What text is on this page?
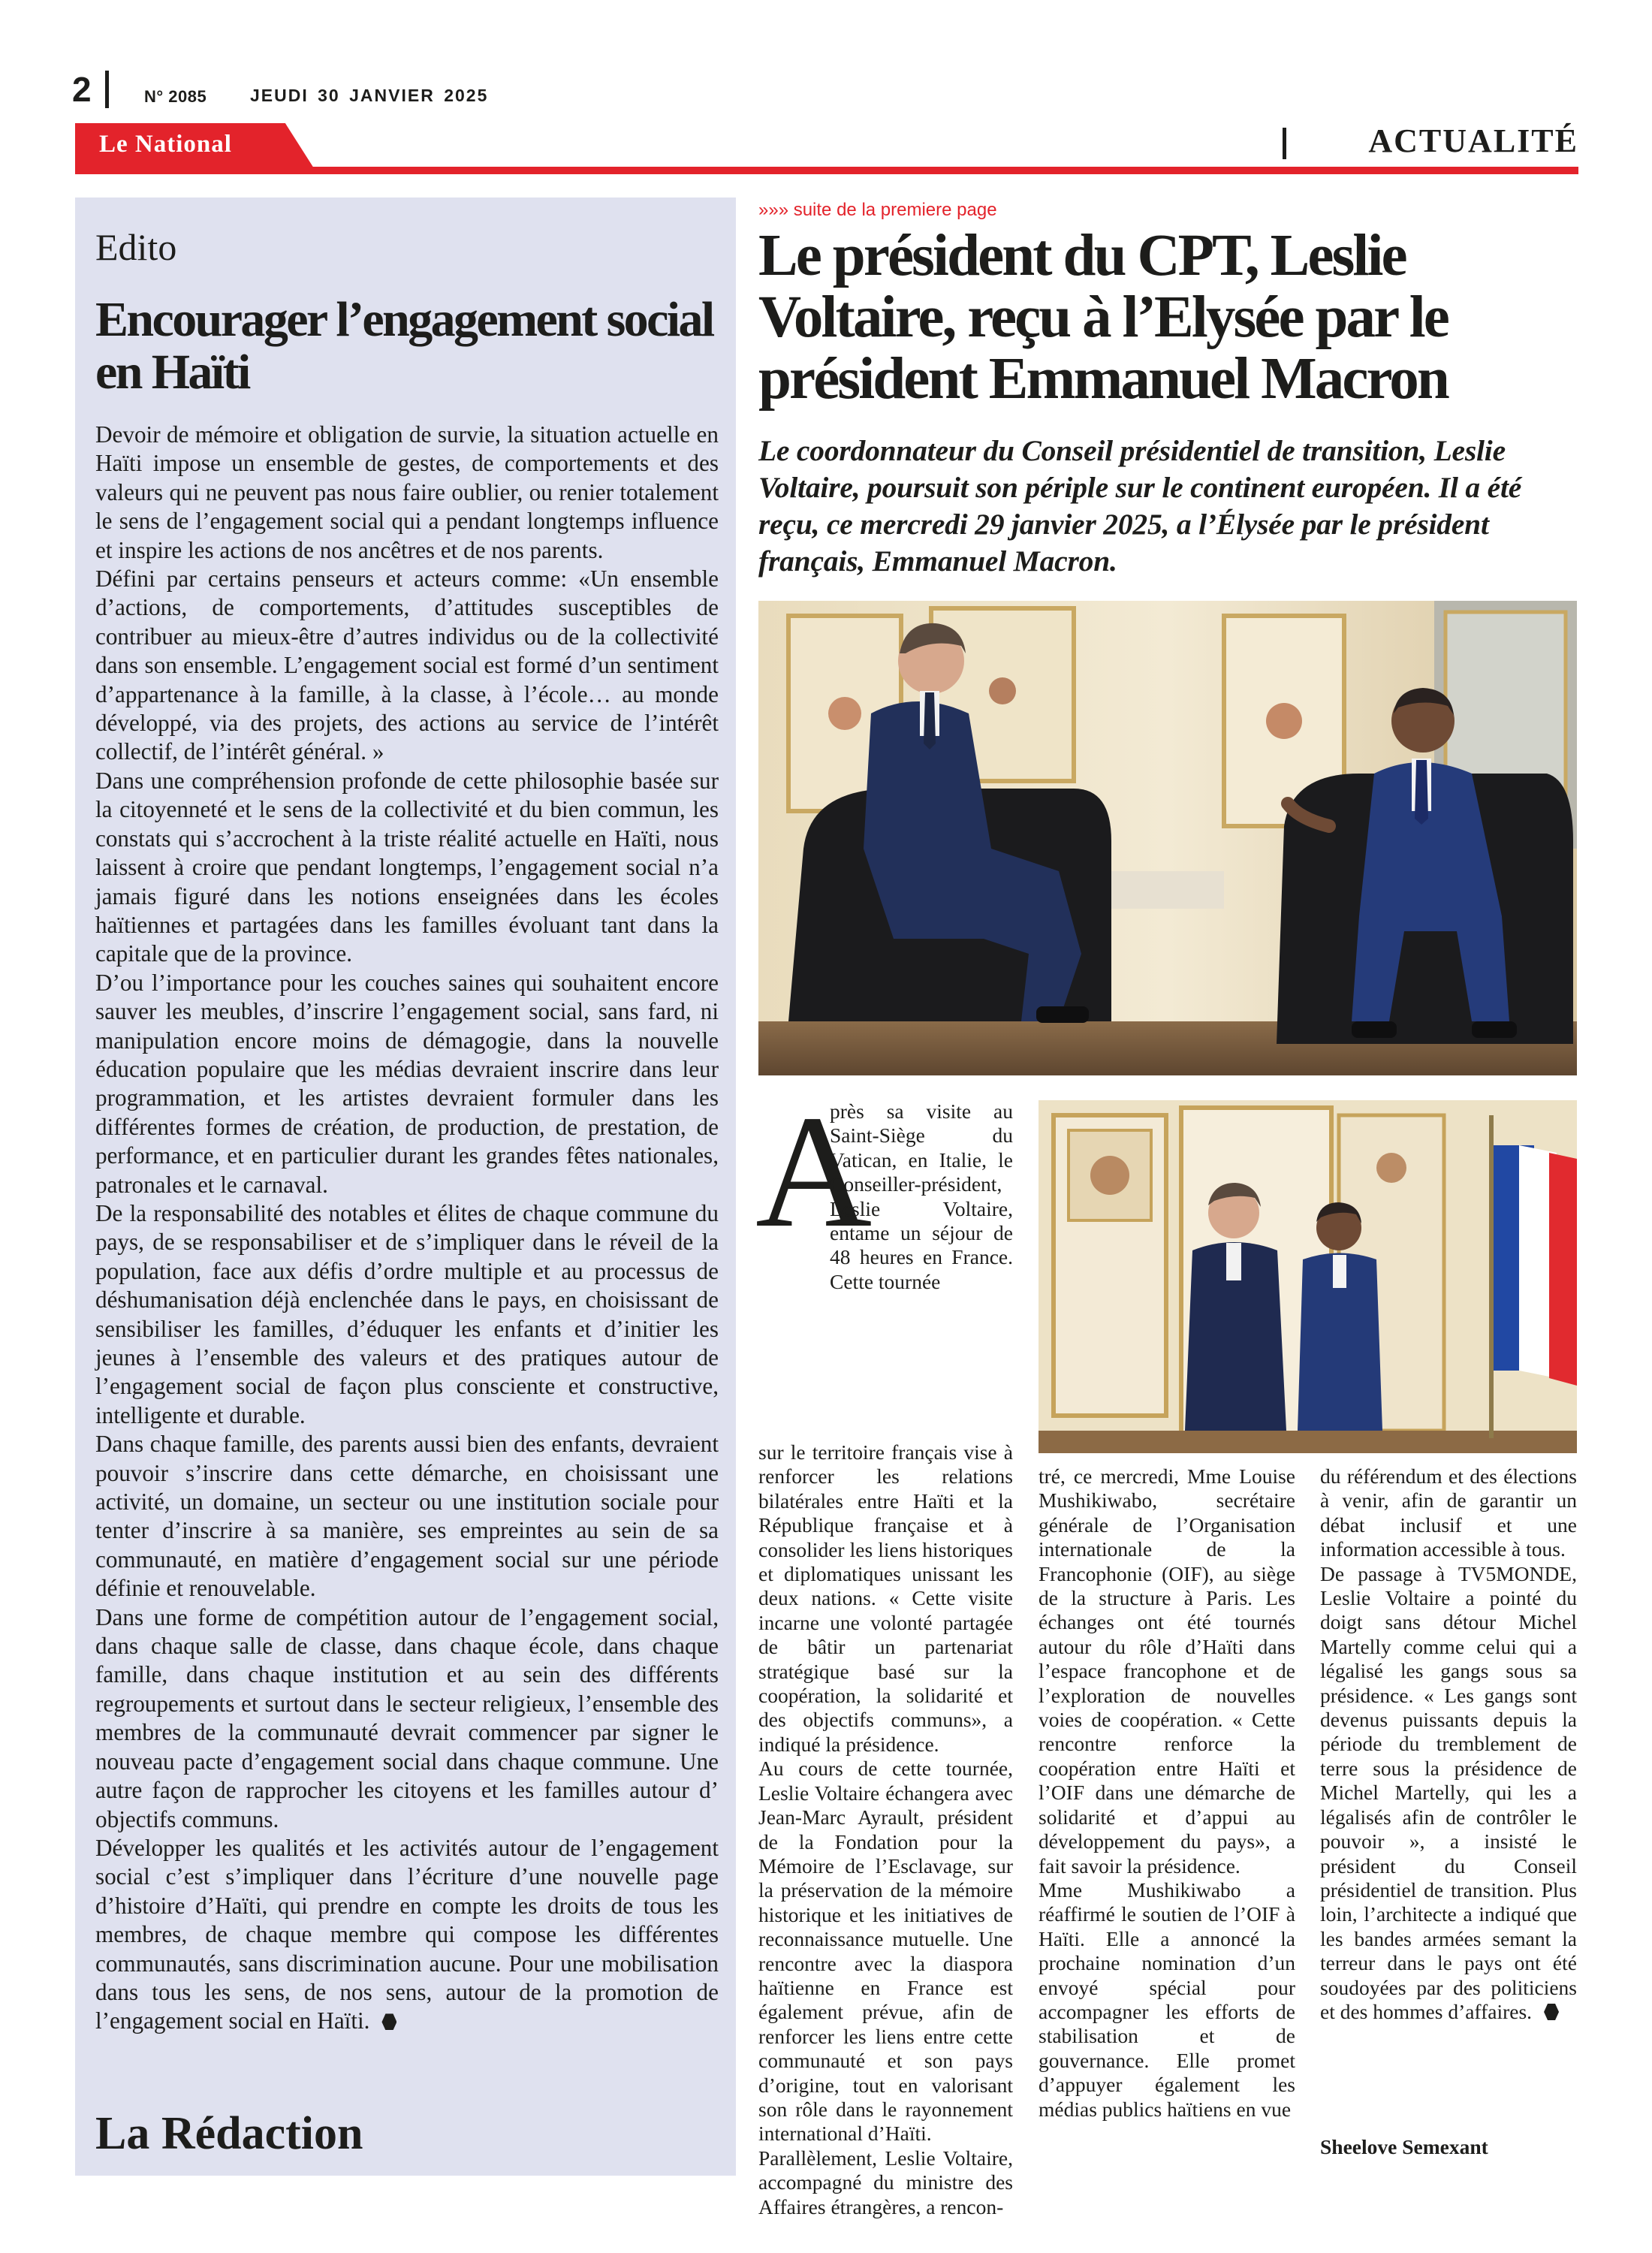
2	N° 2085	JEUDI 30 JANVIER 2025
Le National	ACTUALITÉ
Edito
Encourager l’engagement social en Haïti

Devoir de mémoire et obligation de survie, la situation actuelle en Haïti impose un ensemble de gestes, de comportements et des valeurs qui ne peuvent pas nous faire oublier, ou renier totalement le sens de l’engagement social qui a pendant longtemps influence et inspire les actions de nos ancêtres et de nos parents.

Défini par certains penseurs et acteurs comme: «Un ensemble d’actions, de comportements, d’attitudes susceptibles de contribuer au mieux-être d’autres individus ou de la collectivité dans son ensemble. L’engagement social est formé d’un sentiment d’appartenance à la famille, à la classe, à l’école… au monde développé, via des projets, des actions au service de l’intérêt collectif, de l’intérêt général. »

Dans une compréhension profonde de cette philosophie basée sur la citoyenneté et le sens de la collectivité et du bien commun, les constats qui s’accrochent à la triste réalité actuelle en Haïti, nous laissent à croire que pendant longtemps, l’engagement social n’a jamais figuré dans les notions enseignées dans les écoles haïtiennes et partagées dans les familles évoluant tant dans la capitale que de la province.

D’ou l’importance pour les couches saines qui souhaitent encore sauver les meubles, d’inscrire l’engagement social, sans fard, ni manipulation encore moins de démagogie, dans la nouvelle éducation populaire que les médias devraient inscrire dans leur programmation, et les artistes devraient formuler dans les différentes formes de création, de production, de prestation, de performance, et en particulier durant les grandes fêtes nationales, patronales et le carnaval.

De la responsabilité des notables et élites de chaque commune du pays, de se responsabiliser et de s’impliquer dans le réveil de la population, face aux défis d’ordre multiple et au processus de déshumanisation déjà enclenchée dans le pays, en choisissant de sensibiliser les familles, d’éduquer les enfants et d’initier les jeunes à l’ensemble des valeurs et des pratiques autour de l’engagement social de façon plus consciente et constructive, intelligente et durable.

Dans chaque famille, des parents aussi bien des enfants, devraient pouvoir s’inscrire dans cette démarche, en choisissant une activité, un domaine, un secteur ou une institution sociale pour tenter d’inscrire à sa manière, ses empreintes au sein de sa communauté, en matière d’engagement social sur une période définie et renouvelable.

Dans une forme de compétition autour de l’engagement social, dans chaque salle de classe, dans chaque école, dans chaque famille, dans chaque institution et au sein des différents regroupements et surtout dans le secteur religieux, l’ensemble des membres de la communauté devrait commencer par signer le nouveau pacte d’engagement social dans chaque commune. Une autre façon de rapprocher les citoyens et les familles autour d’ objectifs communs.

Développer les qualités et les activités autour de l’engagement social c’est s’impliquer dans l’écriture d’une nouvelle page d’histoire d’Haïti, qui prendre en compte les droits de tous les membres, de chaque membre qui compose les différentes communautés, sans discrimination aucune. Pour une mobilisation dans tous les sens, de nos sens, autour de la promotion de l’engagement social en Haïti.

La Rédaction
»»» suite de la premiere page
Le président du CPT, Leslie Voltaire, reçu à l’Elysée par le président Emmanuel Macron
Le coordonnateur du Conseil présidentiel de transition, Leslie Voltaire, poursuit son périple sur le continent européen. Il a été reçu, ce mercredi 29 janvier 2025, a l’Élysée par le président français, Emmanuel Macron.
A
près sa visite au Saint-Siège du Vatican, en Italie, le Conseiller-président, Leslie Voltaire, entame un séjour de 48 heures en France. Cette tournée

sur le territoire français vise à renforcer les relations bilatérales entre Haïti et la République française et à consolider les liens historiques et diplomatiques unissant les deux nations. « Cette visite incarne une volonté partagée de bâtir un partenariat stratégique basé sur la coopération, la solidarité et des objectifs communs», a indiqué la présidence.

Au cours de cette tournée, Leslie Voltaire échangera avec Jean-Marc Ayrault, président de la Fondation pour la Mémoire de l’Esclavage, sur la préservation de la mémoire historique et les initiatives de reconnaissance mutuelle. Une rencontre avec la diaspora haïtienne en France est également prévue, afin de renforcer les liens entre cette communauté et son pays d’origine, tout en valorisant son rôle dans le rayonnement international d’Haïti.

Parallèlement, Leslie Voltaire, accompagné du ministre des Affaires étrangères, a rencon-

tré, ce mercredi, Mme Louise Mushikiwabo, secrétaire générale de l’Organisation internationale de la Francophonie (OIF), au siège de la structure à Paris. Les échanges ont été tournés autour du rôle d’Haïti dans l’espace francophone et de l’exploration de nouvelles voies de coopération. « Cette rencontre renforce la coopération entre Haïti et l’OIF dans une démarche de solidarité et d’appui au développement du pays», a fait savoir la présidence.

Mme Mushikiwabo a réaffirmé le soutien de l’OIF à Haïti. Elle a annoncé la prochaine nomination d’un envoyé spécial pour accompagner les efforts de stabilisation et de gouvernance. Elle promet d’appuyer également les médias publics haïtiens en vue

du référendum et des élections à venir, afin de garantir un débat inclusif et une information accessible à tous.

De passage à TV5MONDE, Leslie Voltaire a pointé du doigt sans détour Michel Martelly comme celui qui a légalisé les gangs sous sa présidence. « Les gangs sont devenus puissants depuis la période du tremblement de terre sous la présidence de Michel Martelly, qui les a légalisés afin de contrôler le pouvoir », a insisté le président du Conseil présidentiel de transition. Plus loin, l’architecte a indiqué que les bandes armées semant la terreur dans le pays ont été soudoyées par des politiciens et des hommes d’affaires.

Sheelove Semexant
